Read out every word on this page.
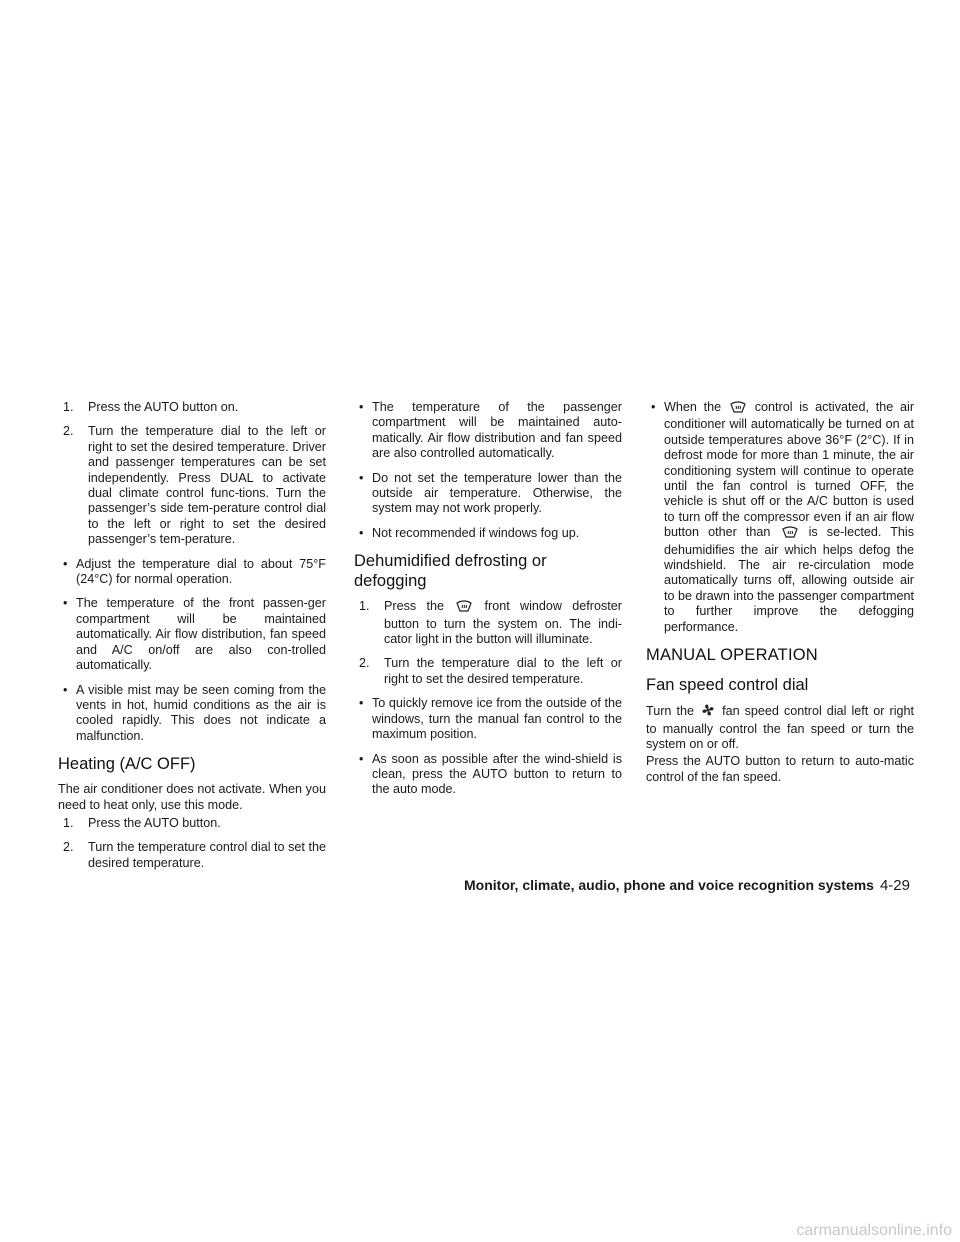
1. Press the AUTO button on.
2. Turn the temperature dial to the left or right to set the desired temperature. Driver and passenger temperatures can be set independently. Press DUAL to activate dual climate control func-tions. Turn the passenger’s side tem-perature control dial to the left or right to set the desired passenger’s tem-perature.
• Adjust the temperature dial to about 75°F (24°C) for normal operation.
• The temperature of the front passen-ger compartment will be maintained automatically. Air flow distribution, fan speed and A/C on/off are also con-trolled automatically.
• A visible mist may be seen coming from the vents in hot, humid conditions as the air is cooled rapidly. This does not indicate a malfunction.
Heating (A/C OFF)

The air conditioner does not activate. When you need to heat only, use this mode.

1. Press the AUTO button.
2. Turn the temperature control dial to set the desired temperature.
• The temperature of the passenger compartment will be maintained auto-matically. Air flow distribution and fan speed are also controlled automatically.
• Do not set the temperature lower than the outside air temperature. Otherwise, the system may not work properly.
• Not recommended if windows fog up.
Dehumidified defrosting or defogging
1. Press the	front window defroster button to turn the system on. The indi-cator light in the button will illuminate.
2. Turn the temperature dial to the left or right to set the desired temperature.
• To quickly remove ice from the outside of the windows, turn the manual fan control to the maximum position.
• As soon as possible after the wind-shield is clean, press the AUTO button to return to the auto mode.
• When the	control is activated, the air conditioner will automatically be turned on at outside temperatures above 36°F (2°C). If in defrost mode for more than 1 minute, the air conditioning system will continue to operate until the fan control is turned OFF, the vehicle is shut off or the A/C button is used to turn off the compressor even if an air flow button other than	is se-lected. This dehumidifies the air which helps defog the windshield. The air re-circulation mode automatically turns off, allowing outside air to be drawn into the passenger compartment to further improve the defogging performance.
MANUAL OPERATION
Fan speed control dial

Turn the fan speed control dial left or right to manually control the fan speed or turn the system on or off.

Press the AUTO button to return to auto-matic control of the fan speed.

Monitor, climate, audio, phone and voice recognition systems 4-29
carmanualsonline.info
